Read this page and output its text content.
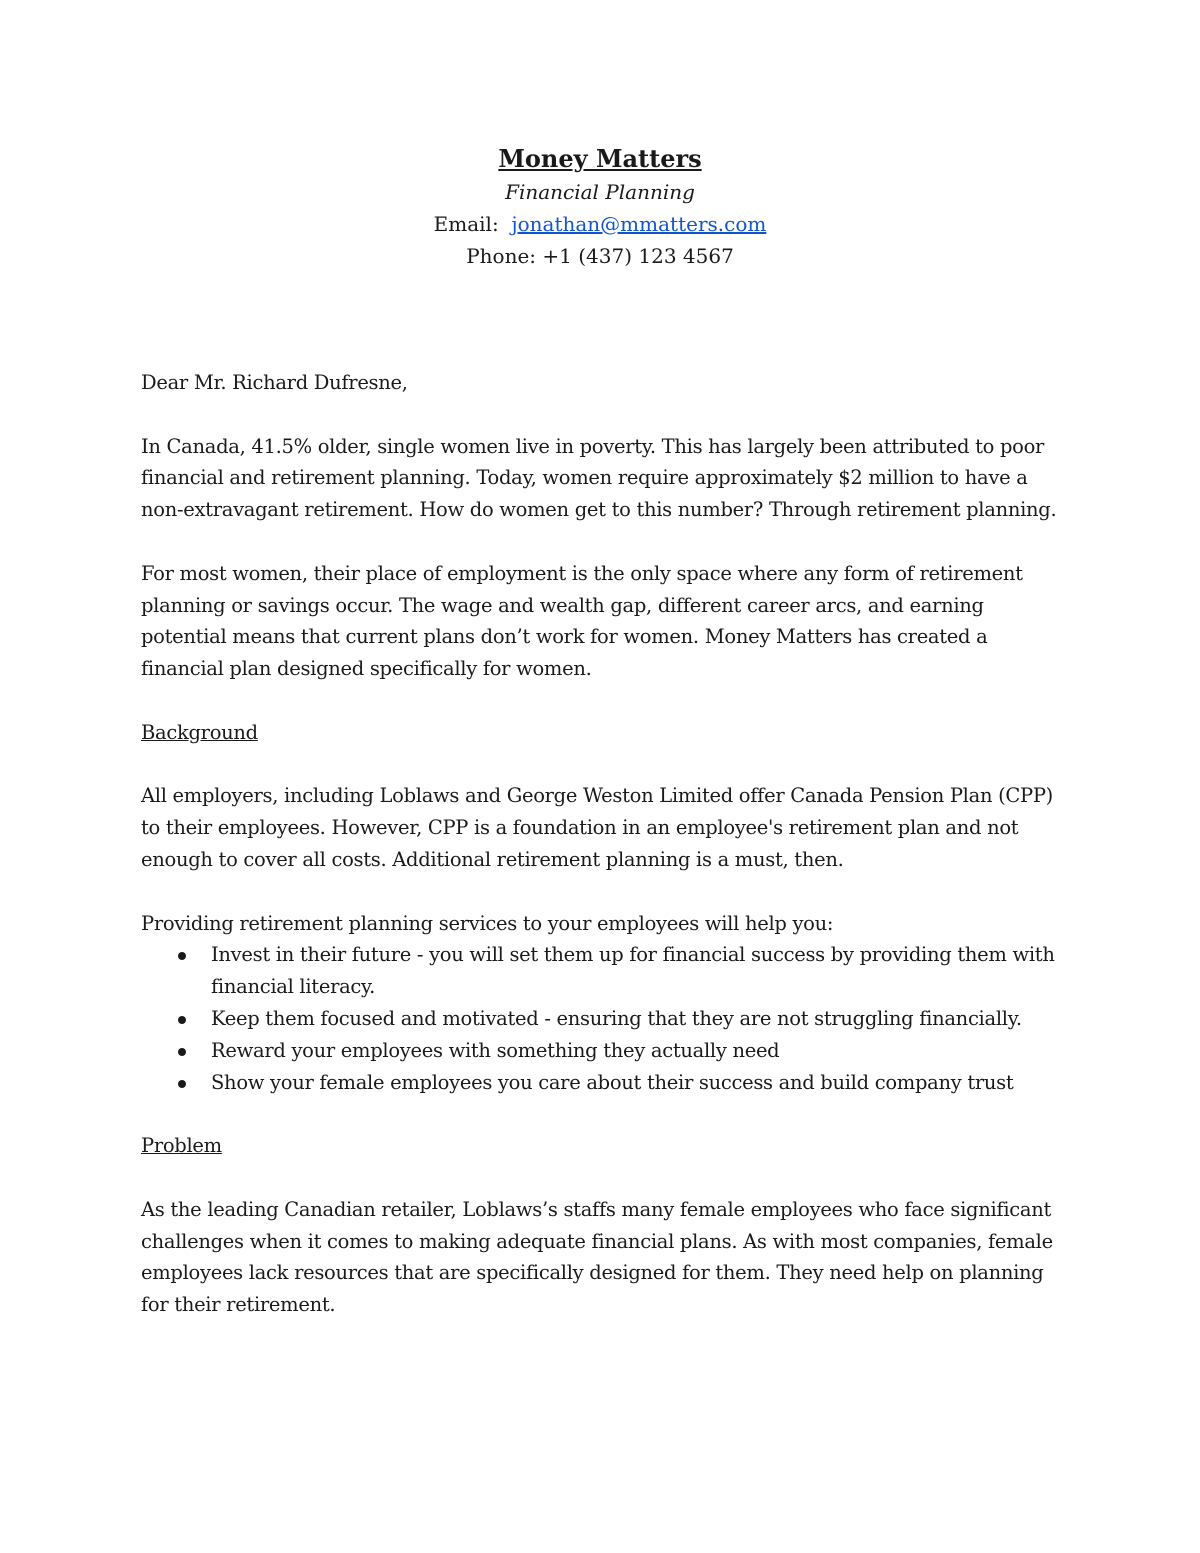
Money Matters
Financial Planning
Email: jonathan@mmatters.com
Phone: +1 (437) 123 4567

Dear Mr. Richard Dufresne,

In Canada, 41.5% older, single women live in poverty. This has largely been attributed to poor financial and retirement planning. Today, women require approximately $2 million to have a non-extravagant retirement. How do women get to this number? Through retirement planning.

For most women, their place of employment is the only space where any form of retirement planning or savings occur. The wage and wealth gap, different career arcs, and earning potential means that current plans don’t work for women. Money Matters has created a financial plan designed specifically for women.

Background

All employers, including Loblaws and George Weston Limited offer Canada Pension Plan (CPP) to their employees. However, CPP is a foundation in an employee's retirement plan and not enough to cover all costs. Additional retirement planning is a must, then.

Providing retirement planning services to your employees will help you:

Invest in their future - you will set them up for financial success by providing them with financial literacy.
Keep them focused and motivated - ensuring that they are not struggling financially.
Reward your employees with something they actually need
Show your female employees you care about their success and build company trust
Problem

As the leading Canadian retailer, Loblaws’s staffs many female employees who face significant challenges when it comes to making adequate financial plans. As with most companies, female employees lack resources that are specifically designed for them. They need help on planning for their retirement.
